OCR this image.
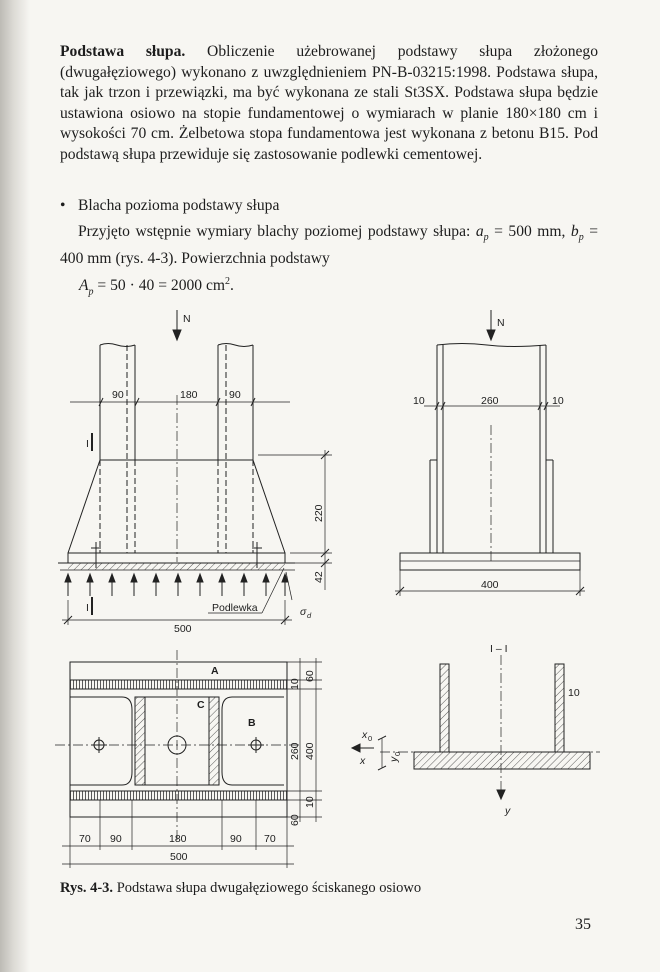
Podstawa słupa. Obliczenie użebrowanej podstawy słupa złożonego (dwugałęziowego) wykonano z uwzględnieniem PN-B-03215:1998. Podstawa słupa, tak jak trzon i przewiązki, ma być wykonana ze stali St3SX. Podstawa słupa będzie ustawiona osiowo na stopie fundamentowej o wymiarach w planie 180×180 cm i wysokości 70 cm. Żelbetowa stopa fundamentowa jest wykonana z betonu B15. Pod podstawą słupa przewiduje się zastosowanie podlewki cementowej.
• Blacha pozioma podstawy słupa
Przyjęto wstępnie wymiary blachy poziomej podstawy słupa: $a_p = 500$ mm, $b_p = 400$ mm (rys. 4-3). Powierzchnia podstawy
$A_p = 50 \cdot 40 = 2000$ $cm^2$.
N	N
I
I
90	180	90
500
Podlewka	σ d
220
42
10	260	10
400
A
C
B
60
260 400
10
10
60
70 90	180	90 70
500
I – I
10
x
y
x 0
y
0
Rys. 4-3. Podstawa słupa dwugałęziowego ściskanego osiowo
35
